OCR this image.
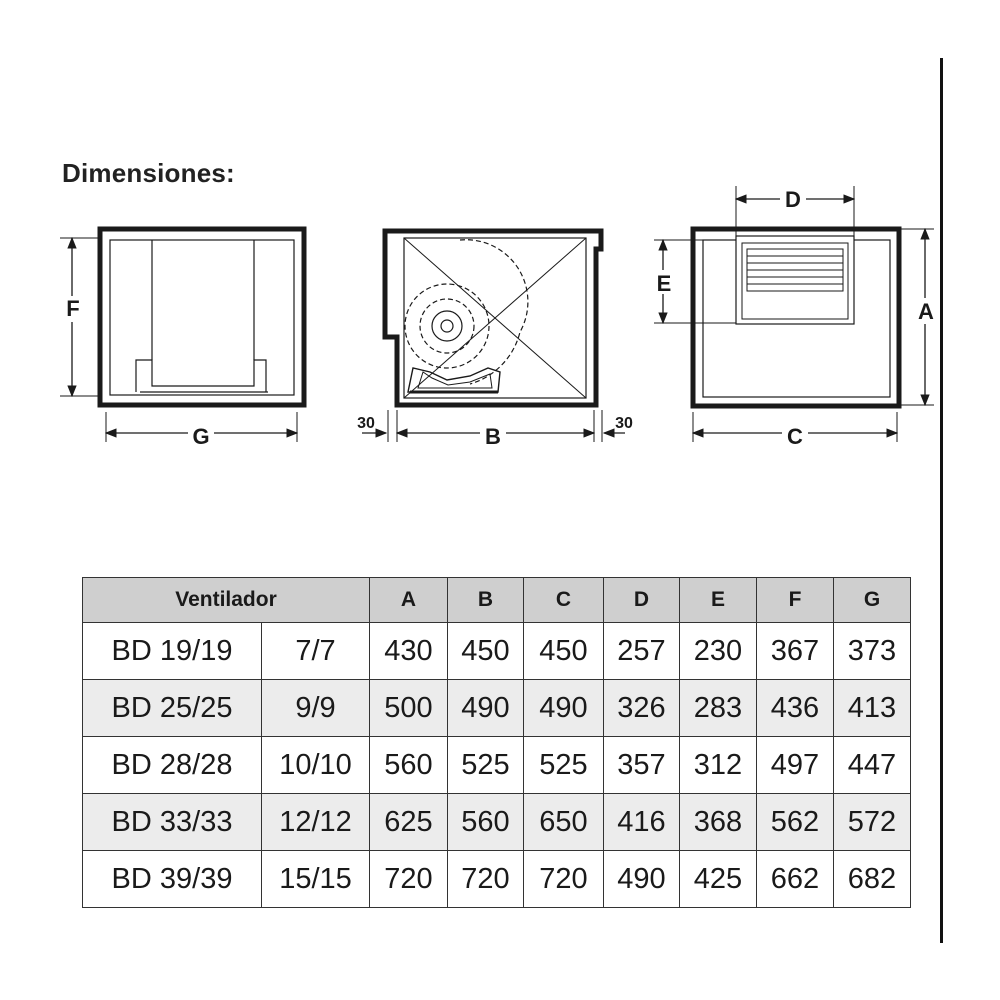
Dimensiones:
F
G	B
30	30
D
E
A
C
Ventilador		A	B	C	D	E	F	G
BD 19/19	7/7	430	450	450	257	230	367	373
BD 25/25	9/9	500	490	490	326	283	436	413
BD 28/28	10/10	560	525	525	357	312	497	447
BD 33/33	12/12	625	560	650	416	368	562	572
BD 39/39	15/15	720	720	720	490	425	662	682
